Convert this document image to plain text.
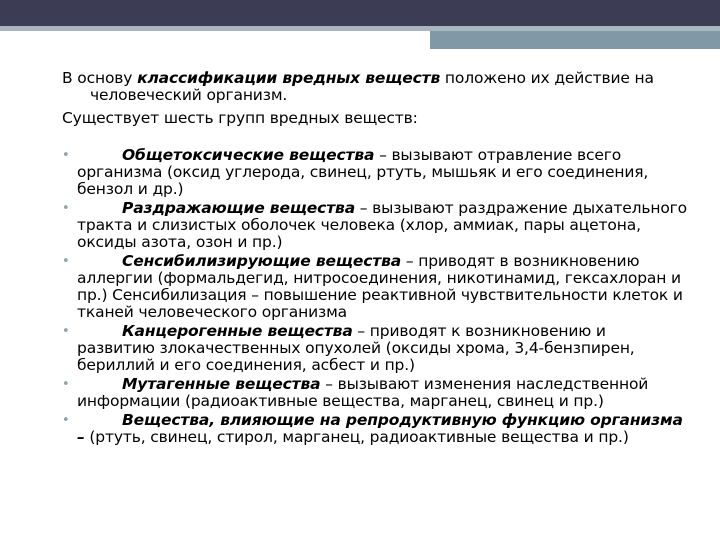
В основу классификации вредных веществ положено их действие на человеческий организм.

Существует шесть групп вредных веществ:

•	Общетоксические вещества – вызывают отравление всего организма (оксид углерода, свинец, ртуть, мышьяк и его соединения, бензол и др.)
•	Раздражающие вещества – вызывают раздражение дыхательного тракта и слизистых оболочек человека (хлор, аммиак, пары ацетона, оксиды азота, озон и пр.)
•	Сенсибилизирующие вещества – приводят в возникновению аллергии (формальдегид, нитросоединения, никотинамид, гексахлоран и пр.) Сенсибилизация – повышение реактивной чувствительности клеток и тканей человеческого организма
•	Канцерогенные вещества – приводят к возникновению и развитию злокачественных опухолей (оксиды хрома, 3,4-бензпирен, бериллий и его соединения, асбест и пр.)
•	Мутагенные вещества – вызывают изменения наследственной информации (радиоактивные вещества, марганец, свинец и пр.)
•	Вещества, влияющие на репродуктивную функцию организма – (ртуть, свинец, стирол, марганец, радиоактивные вещества и пр.)
